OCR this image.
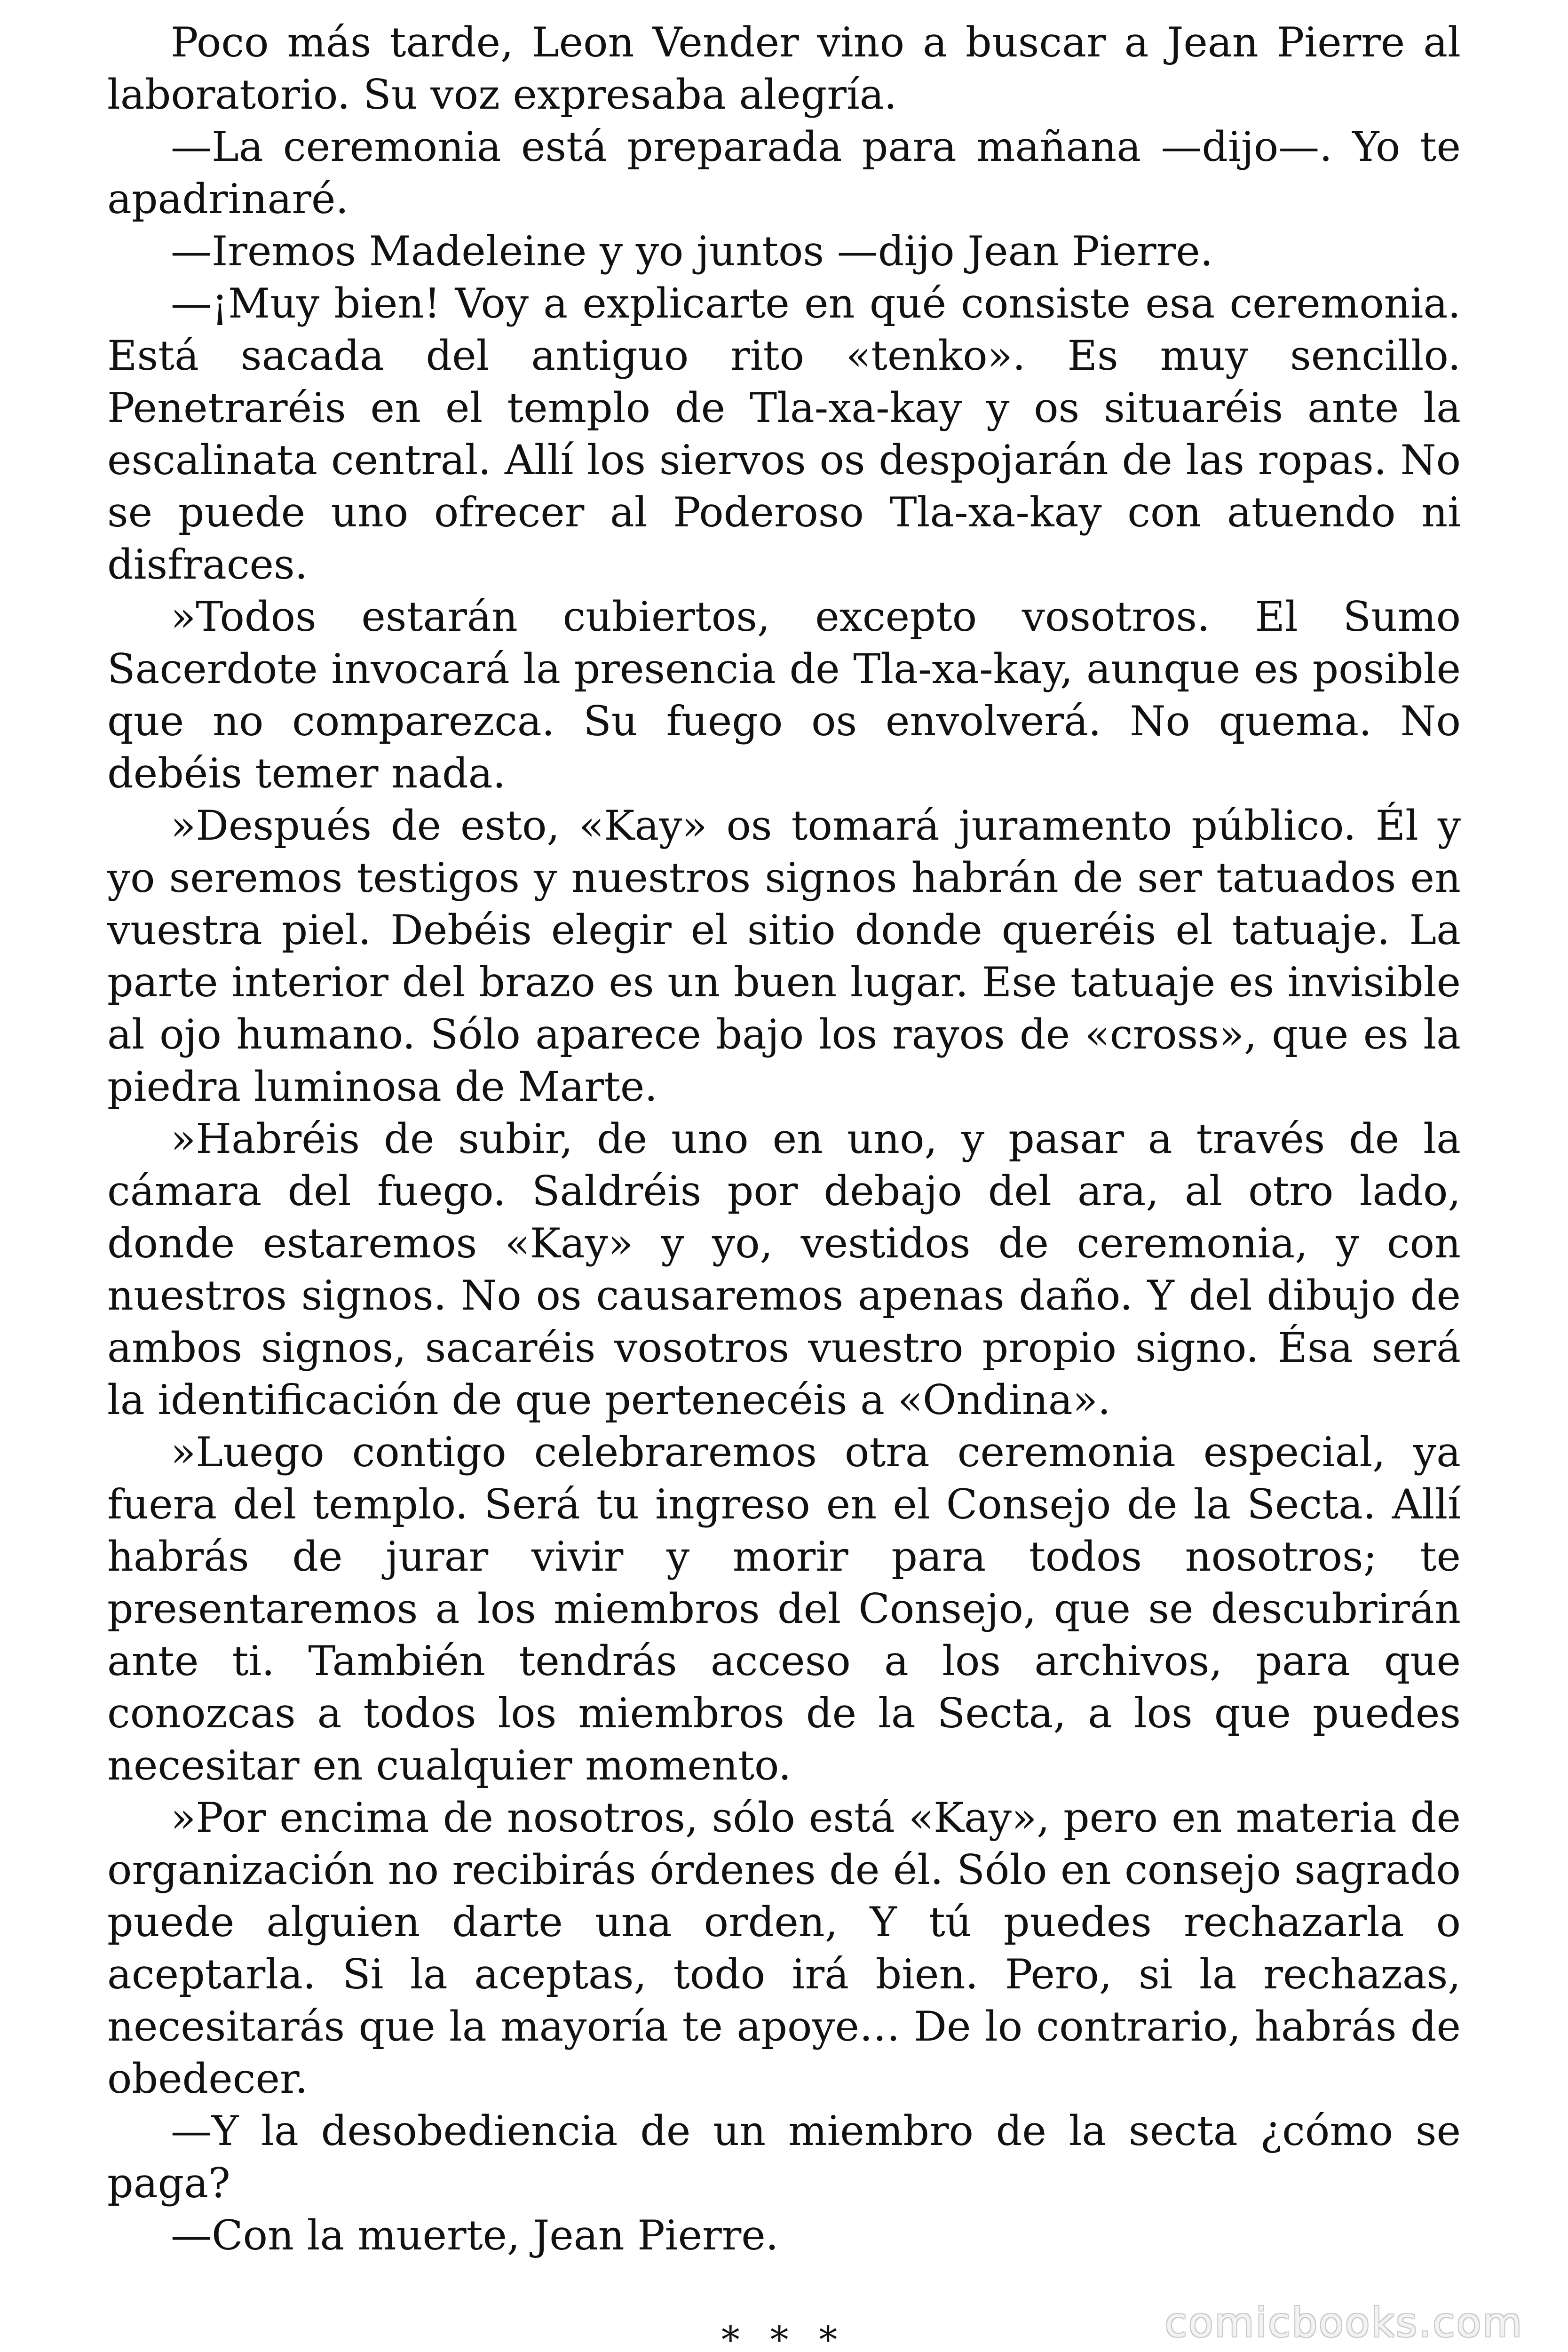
Poco más tarde, Leon Vender vino a buscar a Jean Pierre al laboratorio. Su voz expresaba alegría.

—La ceremonia está preparada para mañana —dijo—. Yo te apadrinaré.

—Iremos Madeleine y yo juntos —dijo Jean Pierre.

—¡Muy bien! Voy a explicarte en qué consiste esa ceremonia. Está sacada del antiguo rito «tenko». Es muy sencillo. Penetraréis en el templo de Tla-xa-kay y os situaréis ante la escalinata central. Allí los siervos os despojarán de las ropas. No se puede uno ofrecer al Poderoso Tla-xa-kay con atuendo ni disfraces.

»Todos estarán cubiertos, excepto vosotros. El Sumo Sacerdote invocará la presencia de Tla-xa-kay, aunque es posible que no comparezca. Su fuego os envolverá. No quema. No debéis temer nada.

»Después de esto, «Kay» os tomará juramento público. Él y yo seremos testigos y nuestros signos habrán de ser tatuados en vuestra piel. Debéis elegir el sitio donde queréis el tatuaje. La parte interior del brazo es un buen lugar. Ese tatuaje es invisible al ojo humano. Sólo aparece bajo los rayos de «cross», que es la piedra luminosa de Marte.

»Habréis de subir, de uno en uno, y pasar a través de la cámara del fuego. Saldréis por debajo del ara, al otro lado, donde estaremos «Kay» y yo, vestidos de ceremonia, y con nuestros signos. No os causaremos apenas daño. Y del dibujo de ambos signos, sacaréis vosotros vuestro propio signo. Ésa será la identificación de que pertenecéis a «Ondina».

»Luego contigo celebraremos otra ceremonia especial, ya fuera del templo. Será tu ingreso en el Consejo de la Secta. Allí habrás de jurar vivir y morir para todos nosotros; te presentaremos a los miembros del Consejo, que se descubrirán ante ti. También tendrás acceso a los archivos, para que conozcas a todos los miembros de la Secta, a los que puedes necesitar en cualquier momento.

»Por encima de nosotros, sólo está «Kay», pero en materia de organización no recibirás órdenes de él. Sólo en consejo sagrado puede alguien darte una orden, Y tú puedes rechazarla o aceptarla. Si la aceptas, todo irá bien. Pero, si la rechazas, necesitarás que la mayoría te apoye… De lo contrario, habrás de obedecer.

—Y la desobediencia de un miembro de la secta ¿cómo se paga?

—Con la muerte, Jean Pierre.

* * *	comicbooks.com
